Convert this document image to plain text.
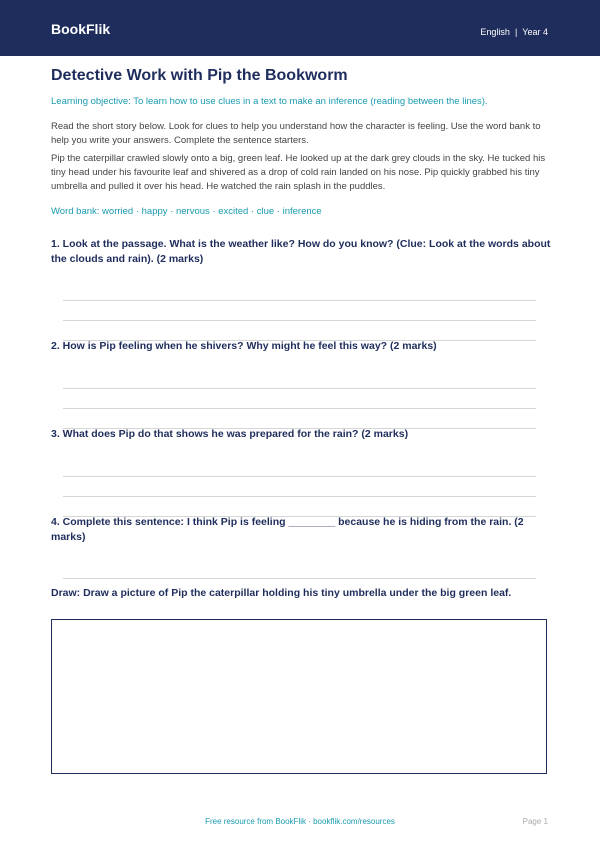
BookFlik	English | Year 4
Detective Work with Pip the Bookworm

Learning objective: To learn how to use clues in a text to make an inference (reading between the lines).

Read the short story below. Look for clues to help you understand how the character is feeling. Use the word bank to help you write your answers. Complete the sentence starters.

Pip the caterpillar crawled slowly onto a big, green leaf. He looked up at the dark grey clouds in the sky. He tucked his tiny head under his favourite leaf and shivered as a drop of cold rain landed on his nose. Pip quickly grabbed his tiny umbrella and pulled it over his head. He watched the rain splash in the puddles.

Word bank: worried · happy · nervous · excited · clue · inference

1. Look at the passage. What is the weather like? How do you know? (Clue: Look at the words about the clouds and rain). (2 marks)

2. How is Pip feeling when he shivers? Why might he feel this way? (2 marks)

3. What does Pip do that shows he was prepared for the rain? (2 marks)

4. Complete this sentence: I think Pip is feeling ________ because he is hiding from the rain. (2 marks)

Draw: Draw a picture of Pip the caterpillar holding his tiny umbrella under the big green leaf.

Free resource from BookFlik · bookflik.com/resources	Page 1
